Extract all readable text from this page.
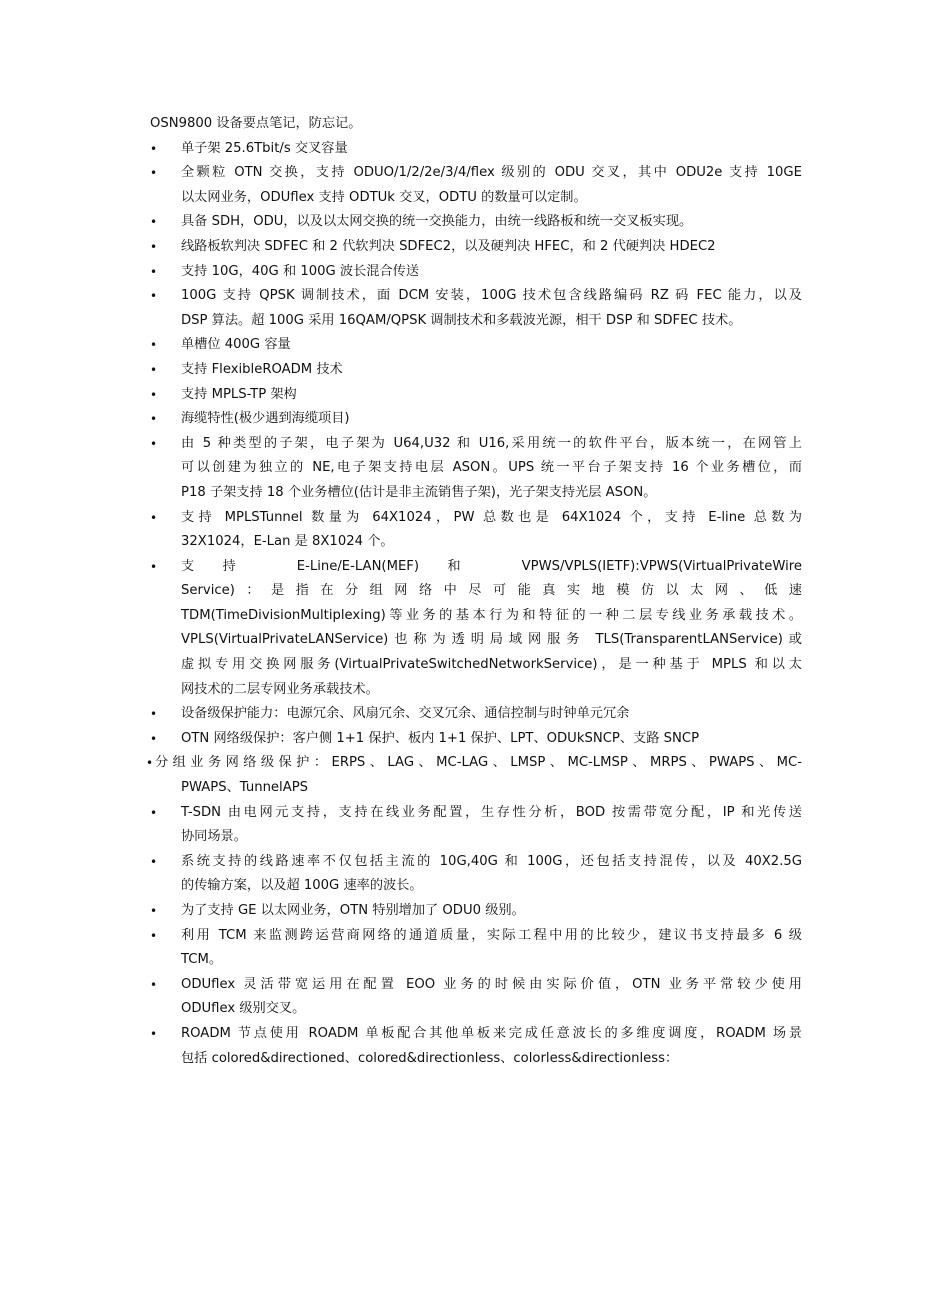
OSN9800 设备要点笔记，防忘记。

•	单子架 25.6Tbit/s 交叉容量
•	全颗粒 OTN 交换，支持 ODUO/1/2/2e/3/4/flex 级别的 ODU 交叉，其中 ODU2e 支持 10GE
以太网业务，ODUflex 支持 ODTUk 交叉，ODTU 的数量可以定制。
•	具备 SDH，ODU，以及以太网交换的统一交换能力，由统一线路板和统一交叉板实现。
•	线路板软判决 SDFEC 和 2 代软判决 SDFEC2，以及硬判决 HFEC，和 2 代硬判决 HDEC2
•	支持 10G，40G 和 100G 波长混合传送
•	100G 支持 QPSK 调制技术，面 DCM 安装，100G 技术包含线路编码 RZ 码 FEC 能力，以及
DSP 算法。超 100G 采用 16QAM/QPSK 调制技术和多载波光源，相干 DSP 和 SDFEC 技术。
•	单槽位 400G 容量
•	支持 FlexibleROADM 技术
•	支持 MPLS-TP 架构
•	海缆特性(极少遇到海缆项目)
•	由 5 种类型的子架，电子架为 U64,U32 和 U16,采用统一的软件平台，版本统一，在网管上
可以创建为独立的 NE,电子架支持电层 ASON。UPS 统一平台子架支持 16 个业务槽位，而
P18 子架支持 18 个业务槽位(估计是非主流销售子架)，光子架支持光层 ASON。
•	支持 MPLSTunnel 数量为 64X1024，PW 总数也是 64X1024 个，支持 E-line 总数为
32X1024，E-Lan 是 8X1024 个。
•	支持 E-Line/E-LAN(MEF)和 VPWS/VPLS(IETF):VPWS(VirtualPrivateWire
Service)：是指在分组网络中尽可能真实地模仿以太网、低速
TDM(TimeDivisionMultiplexing)等业务的基本行为和特征的一种二层专线业务承载技术。
VPLS(VirtualPrivateLANService)也称为透明局域网服务 TLS(TransparentLANService)或
虚拟专用交换网服务(VirtualPrivateSwitchedNetworkService)，是一种基于 MPLS 和以太
网技术的二层专网业务承载技术。
•	设备级保护能力：电源冗余、风扇冗余、交叉冗余、通信控制与时钟单元冗余
•	OTN 网络级保护：客户侧 1+1 保护、板内 1+1 保护、LPT、ODUkSNCP、支路 SNCP
• 分组业务网络级保护：ERPS、LAG、MC-LAG、LMSP、MC-LMSP、MRPS、PWAPS、MC-
PWAPS、TunnelAPS
•	T-SDN 由电网元支持，支持在线业务配置，生存性分析，BOD 按需带宽分配，IP 和光传送
协同场景。
•	系统支持的线路速率不仅包括主流的 10G,40G 和 100G，还包括支持混传，以及 40X2.5G
的传输方案，以及超 100G 速率的波长。
•	为了支持 GE 以太网业务，OTN 特别增加了 ODU0 级别。
•	利用 TCM 来监测跨运营商网络的通道质量，实际工程中用的比较少，建议书支持最多 6 级
TCM。
•	ODUflex 灵活带宽运用在配置 EOO 业务的时候由实际价值，OTN 业务平常较少使用
ODUflex 级别交叉。
•	ROADM 节点使用 ROADM 单板配合其他单板来完成任意波长的多维度调度，ROADM 场景
包括 colored&directioned、colored&directionless、colorless&directionless：
